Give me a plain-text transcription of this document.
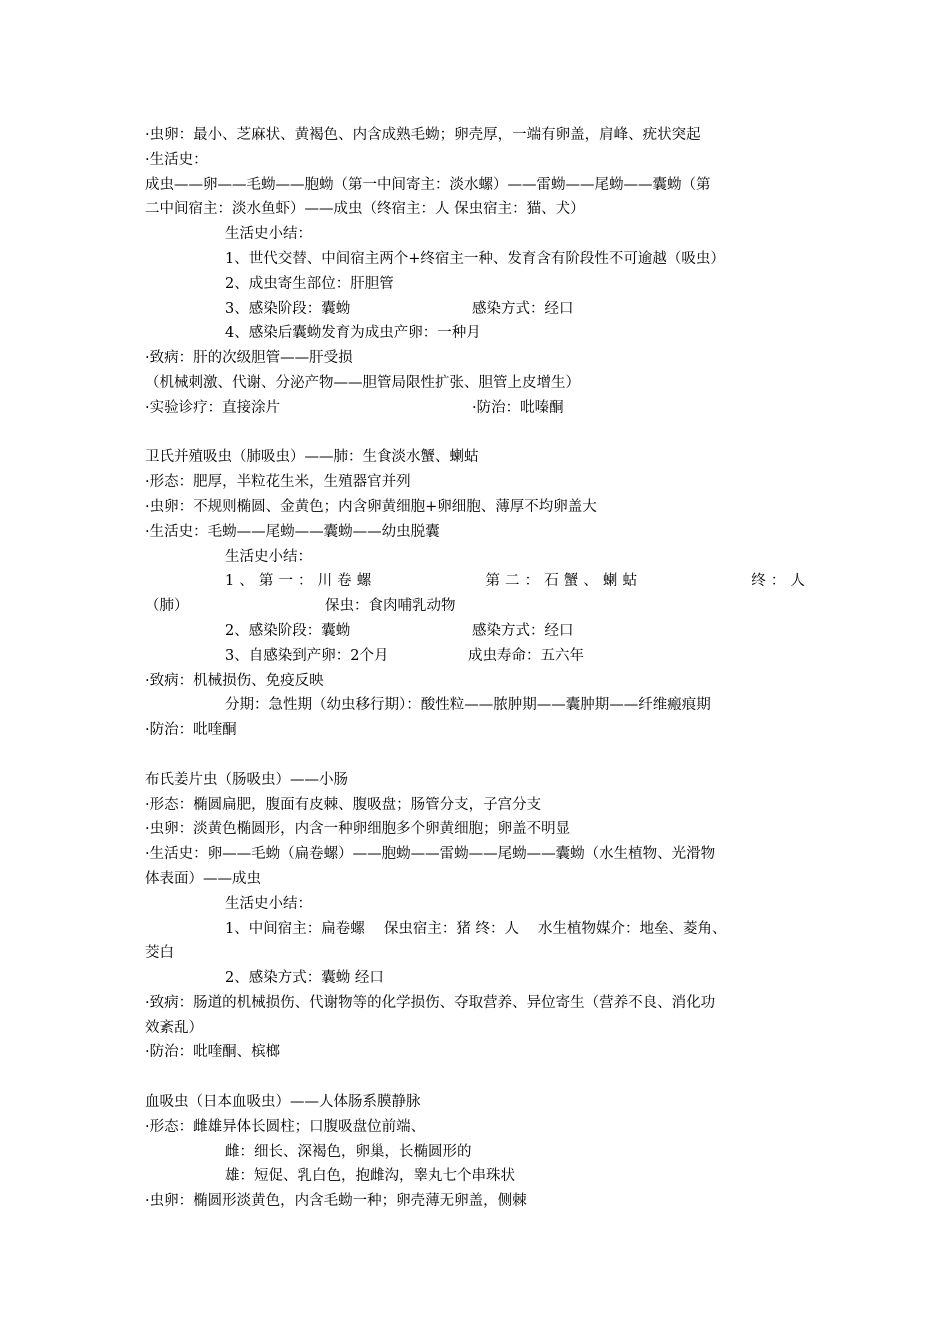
·虫卵：最小、芝麻状、黄褐色、内含成熟毛蚴；卵壳厚，一端有卵盖，肩峰、疣状突起
·生活史：
成虫——卵——毛蚴——胞蚴（第一中间寄主：淡水螺）——雷蚴——尾蚴——囊蚴（第
二中间宿主：淡水鱼虾）——成虫（终宿主：人 保虫宿主：猫、犬）
生活史小结：
1、世代交替、中间宿主两个+终宿主一种、发育含有阶段性不可逾越（吸虫）
2、成虫寄生部位：肝胆管
3、感染阶段：囊蚴	感染方式：经口
4、感染后囊蚴发育为成虫产卵：一种月
·致病：肝的次级胆管——肝受损
（机械刺激、代谢、分泌产物——胆管局限性扩张、胆管上皮增生）
·实验诊疗：直接涂片	·防治：吡嗪酮
卫氏并殖吸虫（肺吸虫）——肺：生食淡水蟹、蝲蛄
·形态：肥厚，半粒花生米，生殖器官并列
·虫卵：不规则椭圆、金黄色；内含卵黄细胞+卵细胞、薄厚不均卵盖大
·生活史：毛蚴——尾蚴——囊蚴——幼虫脱囊
生活史小结：
1、第一：川卷螺	第二：石蟹、蝲蛄	终：人
（肺）	保虫：食肉哺乳动物
2、感染阶段：囊蚴	感染方式：经口
3、自感染到产卵：2个月	成虫寿命：五六年
·致病：机械损伤、免疫反映
分期：急性期（幼虫移行期）：酸性粒——脓肿期——囊肿期——纤维瘢痕期
·防治：吡喹酮
布氏姜片虫（肠吸虫）——小肠
·形态：椭圆扁肥，腹面有皮棘、腹吸盘；肠管分支，子宫分支
·虫卵：淡黄色椭圆形，内含一种卵细胞多个卵黄细胞；卵盖不明显
·生活史：卵——毛蚴（扁卷螺）——胞蚴——雷蚴——尾蚴——囊蚴（水生植物、光滑物
体表面）——成虫
生活史小结：
1、中间宿主：扁卷螺　 保虫宿主：猪 终：人　 水生植物媒介：地垒、菱角、
茭白
2、感染方式：囊蚴 经口
·致病：肠道的机械损伤、代谢物等的化学损伤、夺取营养、异位寄生（营养不良、消化功
效紊乱）
·防治：吡喹酮、槟榔
血吸虫（日本血吸虫）——人体肠系膜静脉
·形态：雌雄异体长圆柱；口腹吸盘位前端、
雌：细长、深褐色，卵巢，长椭圆形的
雄：短促、乳白色，抱雌沟，睾丸七个串珠状
·虫卵：椭圆形淡黄色，内含毛蚴一种；卵壳薄无卵盖，侧棘
